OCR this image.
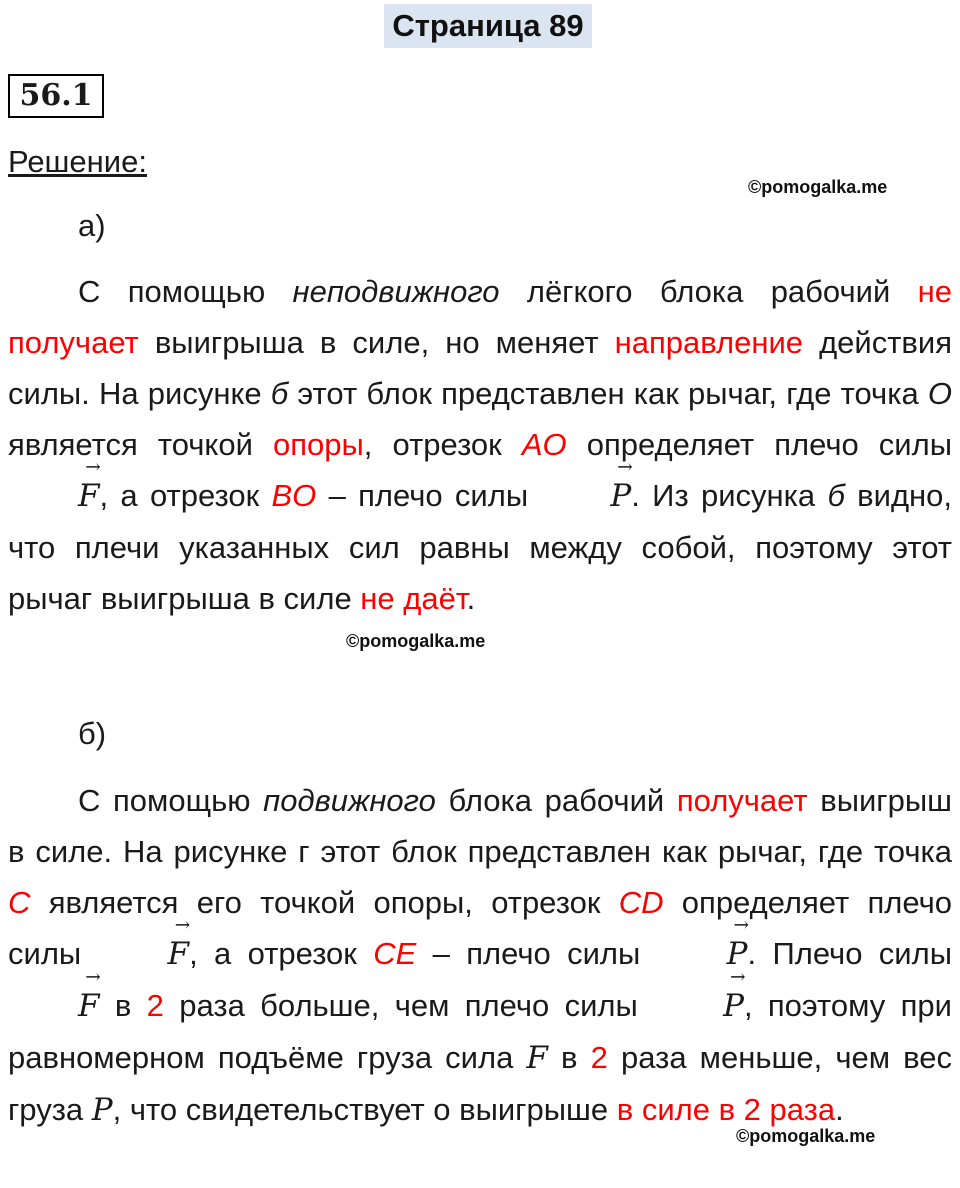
Страница 89
56.1
Решение:
©pomogalka.me
а)

С помощью неподвижного лёгкого блока рабочий не получает выигрыша в силе, но меняет направление действия силы. На рисунке б этот блок представлен как рычаг, где точка O является точкой опоры, отрезок AO определяет плечо силы
→
F, а отрезок BO – плечо силы
→
P. Из рисунка б видно, что плечи указанных сил равны между собой, поэтому этот рычаг выигрыша в силе не даёт.

©pomogalka.me
б)

С помощью подвижного блока рабочий получает выигрыш в силе. На рисунке г этот блок представлен как рычаг, где точка C является его точкой опоры, отрезок CD определяет плечо силы
→
F, а отрезок CE – плечо силы
→
P. Плечо силы
→
F в 2 раза больше, чем плечо силы
→
P, поэтому при равномерном подъёме груза сила F в 2 раза меньше, чем вес груза P, что свидетельствует о выигрыше в силе в 2 раза.

©pomogalka.me
